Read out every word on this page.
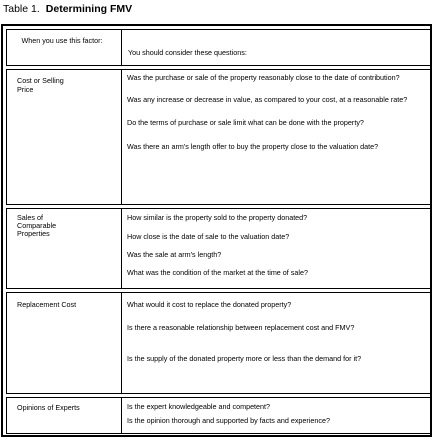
Table 1. Determining FMV
When you use this factor:
You should consider these questions:
Cost or Selling
Price
Was the purchase or sale of the property reasonably close to the date of contribution?
Was any increase or decrease in value, as compared to your cost, at a reasonable rate?
Do the terms of purchase or sale limit what can be done with the property?
Was there an arm's length offer to buy the property close to the valuation date?
Sales of
Comparable
Properties
How similar is the property sold to the property donated?
How close is the date of sale to the valuation date?
Was the sale at arm's length?
What was the condition of the market at the time of sale?
Replacement Cost	What would it cost to replace the donated property?
Is there a reasonable relationship between replacement cost and FMV?
Is the supply of the donated property more or less than the demand for it?
Opinions of Experts	Is the expert knowledgeable and competent?
Is the opinion thorough and supported by facts and experience?
